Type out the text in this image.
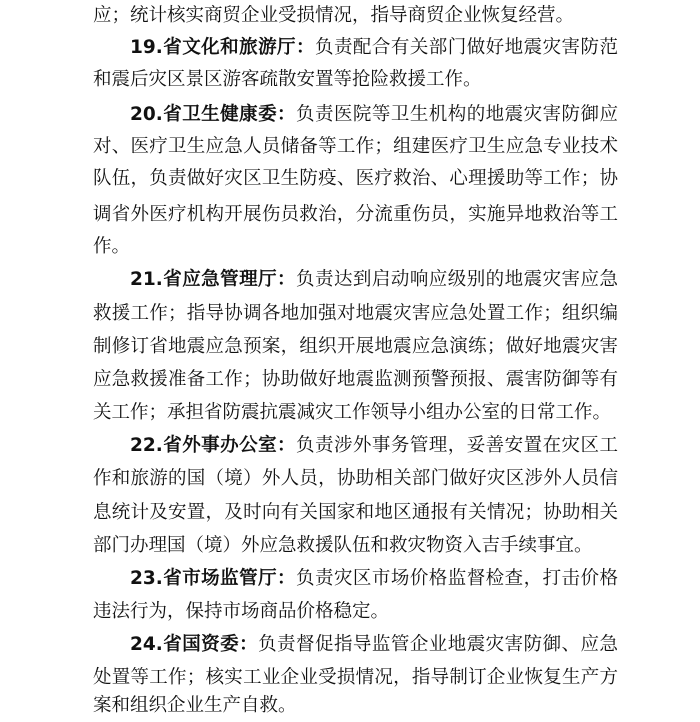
应；统计核实商贸企业受损情况，指导商贸企业恢复经营。
19.省文化和旅游厅：负责配合有关部门做好地震灾害防范
和震后灾区景区游客疏散安置等抢险救援工作。
20.省卫生健康委：负责医院等卫生机构的地震灾害防御应
对、医疗卫生应急人员储备等工作；组建医疗卫生应急专业技术
队伍，负责做好灾区卫生防疫、医疗救治、心理援助等工作；协
调省外医疗机构开展伤员救治，分流重伤员，实施异地救治等工
作。
21.省应急管理厅：负责达到启动响应级别的地震灾害应急
救援工作；指导协调各地加强对地震灾害应急处置工作；组织编
制修订省地震应急预案，组织开展地震应急演练；做好地震灾害
应急救援准备工作；协助做好地震监测预警预报、震害防御等有
关工作；承担省防震抗震减灾工作领导小组办公室的日常工作。
22.省外事办公室：负责涉外事务管理，妥善安置在灾区工
作和旅游的国（境）外人员，协助相关部门做好灾区涉外人员信
息统计及安置，及时向有关国家和地区通报有关情况；协助相关
部门办理国（境）外应急救援队伍和救灾物资入吉手续事宜。
23.省市场监管厅：负责灾区市场价格监督检查，打击价格
违法行为，保持市场商品价格稳定。
24.省国资委：负责督促指导监管企业地震灾害防御、应急
处置等工作；核实工业企业受损情况，指导制订企业恢复生产方
案和组织企业生产自救。
